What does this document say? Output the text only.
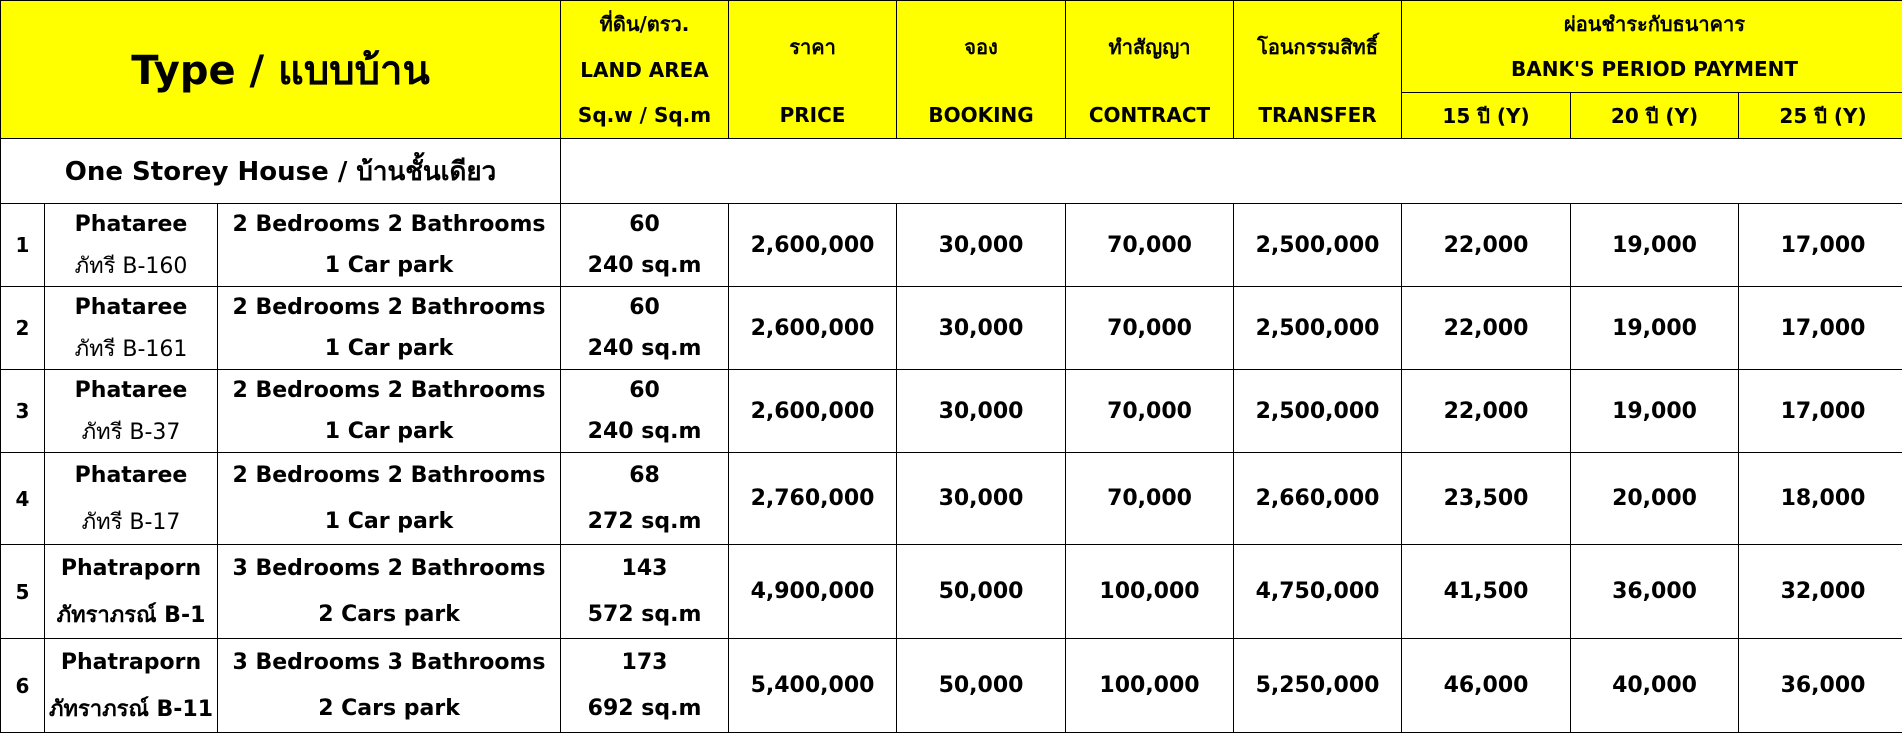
Type / แบบบ้าน			ที่ดิน/ตรว.	ราคา	จอง	ทำสัญญา	โอนกรรมสิทธิ์	ผ่อนชำระกับธนาคาร		
			LAND AREA					BANK'S PERIOD PAYMENT		
			Sq.w / Sq.m	PRICE	BOOKING	CONTRACT	TRANSFER	15 ปี (Y)	20 ปี (Y)	25 ปี (Y)
One Storey House / บ้านชั้นเดียว										
1	Phataree	2 Bedrooms 2 Bathrooms	60	2,600,000	30,000	70,000	2,500,000	22,000	19,000	17,000
	ภัทรี B-160	1 Car park	240 sq.m							
2	Phataree	2 Bedrooms 2 Bathrooms	60	2,600,000	30,000	70,000	2,500,000	22,000	19,000	17,000
	ภัทรี B-161	1 Car park	240 sq.m							
3	Phataree	2 Bedrooms 2 Bathrooms	60	2,600,000	30,000	70,000	2,500,000	22,000	19,000	17,000
	ภัทรี B-37	1 Car park	240 sq.m							
4	Phataree	2 Bedrooms 2 Bathrooms	68	2,760,000	30,000	70,000	2,660,000	23,500	20,000	18,000
	ภัทรี B-17	1 Car park	272 sq.m							
5	Phatraporn	3 Bedrooms 2 Bathrooms	143	4,900,000	50,000	100,000	4,750,000	41,500	36,000	32,000
	ภัทราภรณ์ B-1	2 Cars park	572 sq.m							
6	Phatraporn	3 Bedrooms 3 Bathrooms	173	5,400,000	50,000	100,000	5,250,000	46,000	40,000	36,000
	ภัทราภรณ์ B-11	2 Cars park	692 sq.m							
